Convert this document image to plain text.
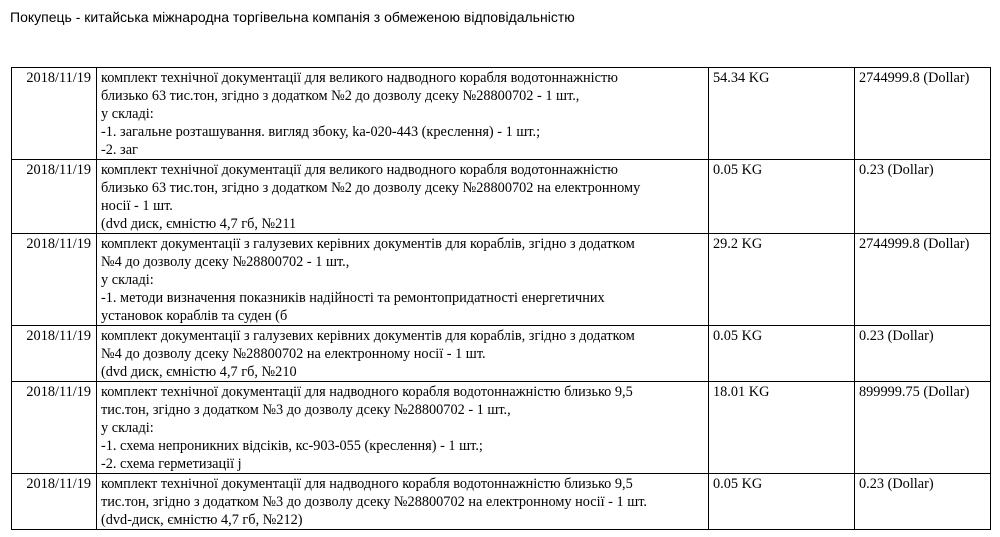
Покупець - китайська міжнародна торгівельна компанія з обмеженою відповідальністю
2018/11/19	комплект технічної документації для великого надводного корабля водотоннажністю
близько 63 тис.тон, згідно з додатком №2 до дозволу дсеку №28800702 - 1 шт.,
у складі:
-1. загальне розташування. вигляд збоку, ka-020-443 (креслення) - 1 шт.;
-2. заг	54.34 KG	2744999.8 (Dollar)
2018/11/19	комплект технічної документації для великого надводного корабля водотоннажністю
близько 63 тис.тон, згідно з додатком №2 до дозволу дсеку №28800702 на електронному
носії - 1 шт.
(dvd диск, ємністю 4,7 гб, №211	0.05 KG	0.23 (Dollar)
2018/11/19	комплект документації з галузевих керівних документів для кораблів, згідно з додатком
№4 до дозволу дсеку №28800702 - 1 шт.,
у складі:
-1. методи визначення показників надійності та ремонтопридатності енергетичних
установок кораблів та суден (б	29.2 KG	2744999.8 (Dollar)
2018/11/19	комплект документації з галузевих керівних документів для кораблів, згідно з додатком
№4 до дозволу дсеку №28800702 на електронному носії - 1 шт.
(dvd диск, ємністю 4,7 гб, №210	0.05 KG	0.23 (Dollar)
2018/11/19	комплект технічної документації для надводного корабля водотоннажністю близько 9,5
тис.тон, згідно з додатком №3 до дозволу дсеку №28800702 - 1 шт.,
у складі:
-1. схема непроникних відсіків, кс-903-055 (креслення) - 1 шт.;
-2. схема герметизації ј	18.01 KG	899999.75 (Dollar)
2018/11/19	комплект технічної документації для надводного корабля водотоннажністю близько 9,5
тис.тон, згідно з додатком №3 до дозволу дсеку №28800702 на електронному носії - 1 шт.
(dvd-диск, ємністю 4,7 гб, №212)	0.05 KG	0.23 (Dollar)
